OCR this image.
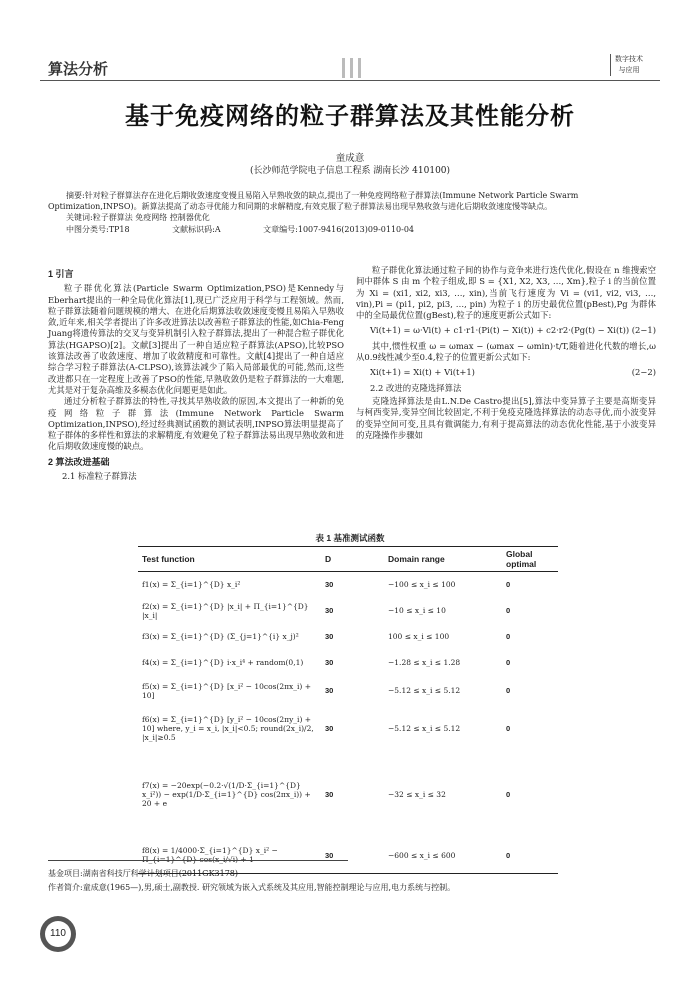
算法分析
数字技术
与应用
基于免疫网络的粒子群算法及其性能分析
童成意
(长沙师范学院电子信息工程系 湖南长沙 410100)
摘要:针对粒子群算法存在进化后期收敛速度变慢且易陷入早熟收敛的缺点,提出了一种免疫网络粒子群算法(Immune Network Particle Swarm Optimization,INPSO)。新算法提高了动态寻优能力和同期的求解精度,有效克服了粒子群算法易出现早熟收敛与进化后期收敛速度慢等缺点。
关键词:粒子群算法 免疫网络 控制器优化
中图分类号:TP18	文献标识码:A	文章编号:1007-9416(2013)09-0110-04
1 引言

粒子群优化算法(Particle Swarm Optimization,PSO)是Kennedy与Eberhart提出的一种全局优化算法[1],现已广泛应用于科学与工程领域。然而,粒子群算法随着问题规模的增大、在进化后期算法收敛速度变慢且易陷入早熟收敛,近年来,相关学者提出了许多改进算法以改善粒子群算法的性能,如Chia-Feng Juang将遗传算法的交叉与变异机制引入粒子群算法,提出了一种混合粒子群优化算法(HGAPSO)[2]。文献[3]提出了一种自适应粒子群算法(APSO),比较PSO该算法改善了收敛速度、增加了收敛精度和可靠性。文献[4]提出了一种自适应综合学习粒子群算法(A-CLPSO),该算法减少了陷入局部最优的可能,然而,这些改进都只在一定程度上改善了PSO的性能,早熟收敛仍是粒子群算法的一大难题,尤其是对于复杂高维及多模态优化问题更是如此。

通过分析粒子群算法的特性,寻找其早熟收敛的原因,本文提出了一种新的免疫网络粒子群算法(Immune Network Particle Swarm Optimization,INPSO),经过经典测试函数的测试表明,INPSO算法明显提高了粒子群体的多样性和算法的求解精度,有效避免了粒子群算法易出现早熟收敛和进化后期收敛速度慢的缺点。

2 算法改进基础
2.1 标准粒子群算法

粒子群优化算法通过粒子间的协作与竞争来进行迭代优化,假设在 n 维搜索空间中群体 S 由 m 个粒子组成,即 S = {X1, X2, X3, …, Xm},粒子 i 的当前位置为 Xi = (xi1, xi2, xi3, …, xin),当前飞行速度为 Vi = (vi1, vi2, vi3, …, vin),Pi = (pi1, pi2, pi3, …, pin) 为粒子 i 的历史最优位置(pBest),Pg 为群体中的全局最优位置(gBest),粒子的速度更新公式如下:

Vi(t+1) = ω·Vi(t) + c1·r1·(Pi(t) − Xi(t)) + c2·r2·(Pg(t) − Xi(t)) (2−1)

其中,惯性权重 ω = ωmax − (ωmax − ωmin)·t/T,随着进化代数的增长,ω从0.9线性减少至0.4,粒子的位置更新公式如下:

Xi(t+1) = Xi(t) + Vi(t+1)	(2−2)
2.2 改进的克隆选择算法

克隆选择算法是由L.N.De Castro提出[5],算法中变异算子主要是高斯变异与柯西变异,变异空间比较固定,不利于免疫克隆选择算法的动态寻优,而小波变异的变异空间可变,且具有微调能力,有利于提高算法的动态优化性能,基于小波变异的克隆操作步骤如

表 1 基准测试函数
Test function	D	Domain range	Global optimal
f1(x) = Σ_{i=1}^{D} x_i²	30	−100 ≤ x_i ≤ 100	0
f2(x) = Σ_{i=1}^{D} |x_i| + Π_{i=1}^{D} |x_i|	30	−10 ≤ x_i ≤ 10	0
f3(x) = Σ_{i=1}^{D} (Σ_{j=1}^{i} x_j)²	30	100 ≤ x_i ≤ 100	0
f4(x) = Σ_{i=1}^{D} i·x_i⁴ + random(0,1)	30	−1.28 ≤ x_i ≤ 1.28	0
f5(x) = Σ_{i=1}^{D} [x_i² − 10cos(2πx_i) + 10]	30	−5.12 ≤ x_i ≤ 5.12	0
f6(x) = Σ_{i=1}^{D} [y_i² − 10cos(2πy_i) + 10] where, y_i = x_i, |x_i|<0.5; round(2x_i)/2, |x_i|≥0.5	30	−5.12 ≤ x_i ≤ 5.12	0
f7(x) = −20exp(−0.2·√(1/D·Σ_{i=1}^{D} x_i²)) − exp(1/D·Σ_{i=1}^{D} cos(2πx_i)) + 20 + e	30	−32 ≤ x_i ≤ 32	0
f8(x) = 1/4000·Σ_{i=1}^{D} x_i² −	30	−600 ≤ x_i ≤ 600	0
基金项目:湖南省科技厅科学计划项目(2011GK3178)
作者简介:童成意(1965—),男,硕士,副教授. 研究领域为嵌入式系统及其应用,智能控制理论与应用,电力系统与控制。
110
